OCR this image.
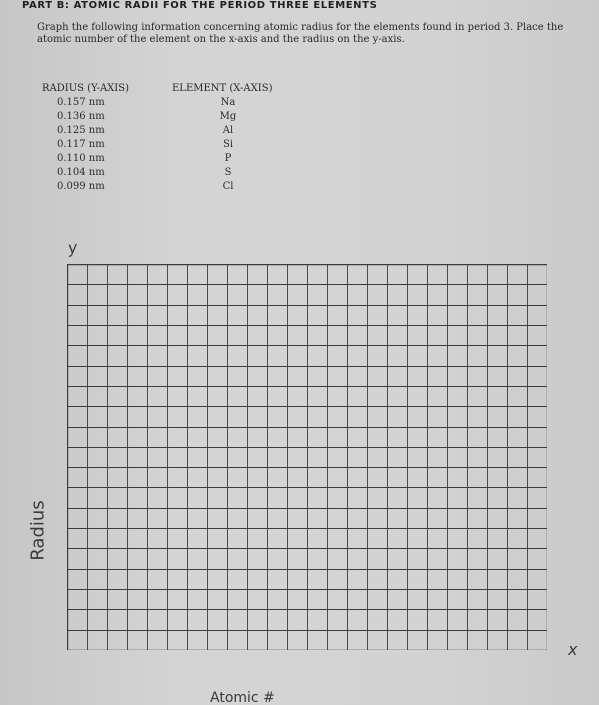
PART B: ATOMIC RADII FOR THE PERIOD THREE ELEMENTS
Graph the following information concerning atomic radius for the elements found in period 3. Place the atomic number of the element on the x-axis and the radius on the y-axis.
RADIUS (Y-AXIS)	ELEMENT (X-AXIS)
0.157 nm	Na
0.136 nm	Mg
0.125 nm	Al
0.117 nm	Si
0.110 nm	P
0.104 nm	S
0.099 nm	Cl
y
x
Radius
Atomic #
